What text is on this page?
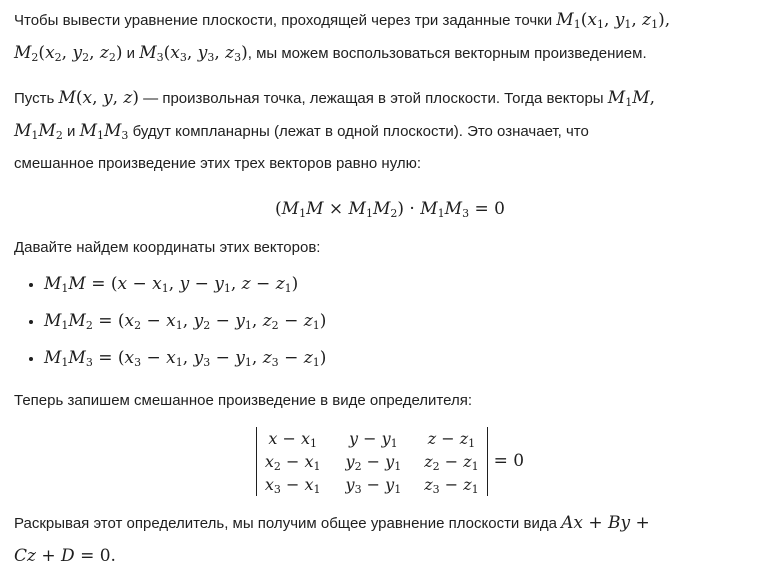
Чтобы вывести уравнение плоскости, проходящей через три заданные точки $M_1(x_1$, $y_1$, $z_1$),
$M_2(x_2$, $y_2$, $z_2$) и $M_3(x_3$, $y_3$, $z_3$), мы можем воспользоваться векторным произведением.

Пусть M(x, y, z) — произвольная точка, лежащая в этой плоскости. Тогда векторы $M_1M$,
$M_1M_2$ и $M_1M_3$ будут компланарны (лежат в одной плоскости). Это означает, что
смешанное произведение этих трех векторов равно нулю:

$(M_1M \times M_1M_2) \cdot M_1M_3 = 0$

Давайте найдем координаты этих векторов:

• $M_1M = (x - x_1$, $y - y_1$, $z - z_1$)
• $M_1M_2 = (x_2 - x_1$, $y_2 - y_1$, $z_2 - z_1$)
• $M_1M_3 = (x_3 - x_1$, $y_3 - y_1$, $z_3 - z_1$)

Теперь запишем смешанное произведение в виде определителя:

$x - x_1$	$y - y_1$	$z - z_1$
$x_2 - x_1$	$y_2 - y_1$	$z_2 - z_1$
$x_3 - x_1$	$y_3 - y_1$	$z_3 - z_1$
= 0

Раскрывая этот определитель, мы получим общее уравнение плоскости вида Ax + By +
Cz + D = 0.
